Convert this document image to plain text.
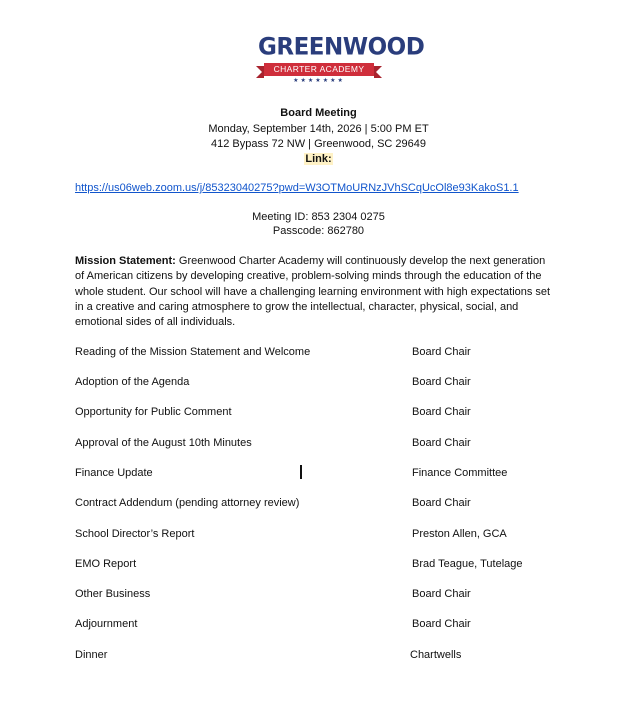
GREENWOOD
CHARTER ACADEMY
★★★★★★★
Board Meeting
Monday, September 14th, 2026 | 5:00 PM ET
412 Bypass 72 NW | Greenwood, SC 29649
Link:
https://us06web.zoom.us/j/85323040275?pwd=W3OTMoURNzJVhSCqUcOl8e93KakoS1.1
Meeting ID: 853 2304 0275
Passcode: 862780
Mission Statement: Greenwood Charter Academy will continuously develop the next generation of American citizens by developing creative, problem-solving minds through the education of the whole student. Our school will have a challenging learning environment with high expectations set in a creative and caring atmosphere to grow the intellectual, character, physical, social, and emotional sides of all individuals.
Reading of the Mission Statement and Welcome	Board Chair
Adoption of the Agenda	Board Chair
Opportunity for Public Comment	Board Chair
Approval of the August 10th Minutes	Board Chair
Finance Update	Finance Committee
Contract Addendum (pending attorney review)	Board Chair
School Director’s Report	Preston Allen, GCA
EMO Report	Brad Teague, Tutelage
Other Business	Board Chair
Adjournment	Board Chair
Dinner	Chartwells
